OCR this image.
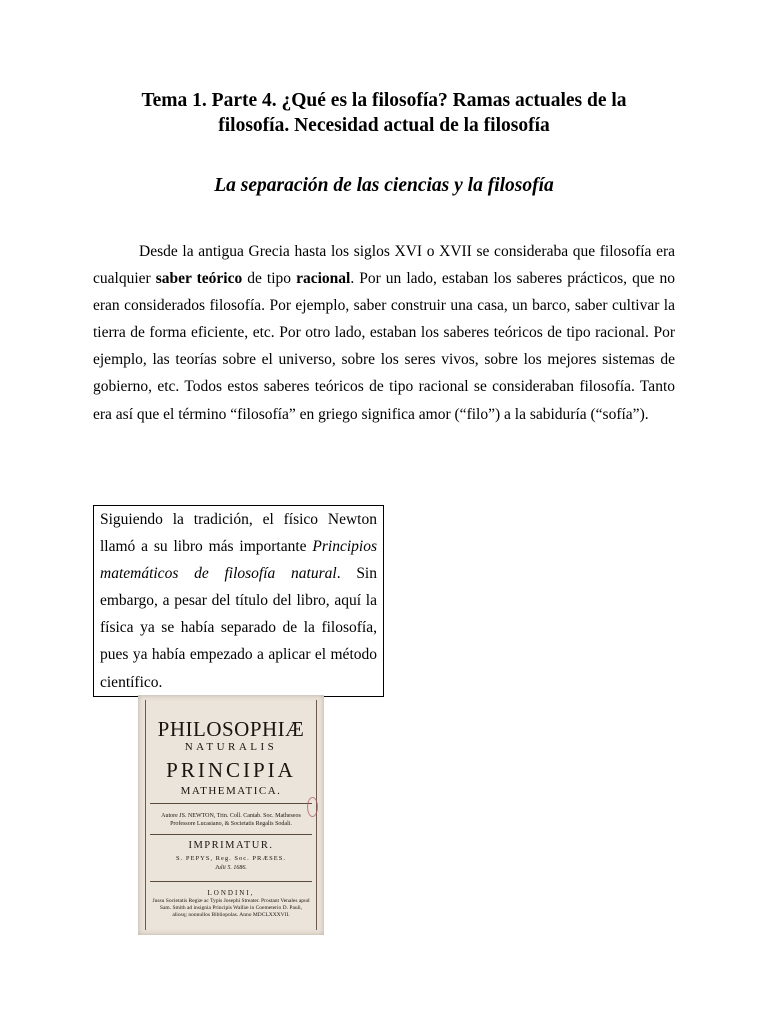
Tema 1. Parte 4. ¿Qué es la filosofía? Ramas actuales de la
filosofía. Necesidad actual de la filosofía
La separación de las ciencias y la filosofía

Desde la antigua Grecia hasta los siglos XVI o XVII se consideraba que filosofía era cualquier saber teórico de tipo racional. Por un lado, estaban los saberes prácticos, que no eran considerados filosofía. Por ejemplo, saber construir una casa, un barco, saber cultivar la tierra de forma eficiente, etc. Por otro lado, estaban los saberes teóricos de tipo racional. Por ejemplo, las teorías sobre el universo, sobre los seres vivos, sobre los mejores sistemas de gobierno, etc. Todos estos saberes teóricos de tipo racional se consideraban filosofía. Tanto era así que el término “filosofía” en griego significa amor (“filo”) a la sabiduría (“sofía”).

Siguiendo la tradición, el físico Newton llamó a su libro más importante Principios matemáticos de filosofía natural. Sin embargo, a pesar del título del libro, aquí la física ya se había separado de la filosofía, pues ya había empezado a aplicar el método científico.

PHILOSOPHIÆ
NATURALIS
PRINCIPIA
MATHEMATICA.
Autore JS. NEWTON, Trin. Coll. Cantab. Soc. Matheseos Professore Lucasiano, & Societatis Regalis Sodali.
IMPRIMATUR.
S. PEPYS, Reg. Soc. PRÆSES.
Julii 5. 1686.
LONDINI,
Jussu Societatis Regiæ ac Typis Josephi Streater. Prostant Venales apud Sam. Smith ad insignia Principis Walliæ in Coemeterio D. Pauli, aliosq; nonnullos Bibliopolas. Anno MDCLXXXVII.
